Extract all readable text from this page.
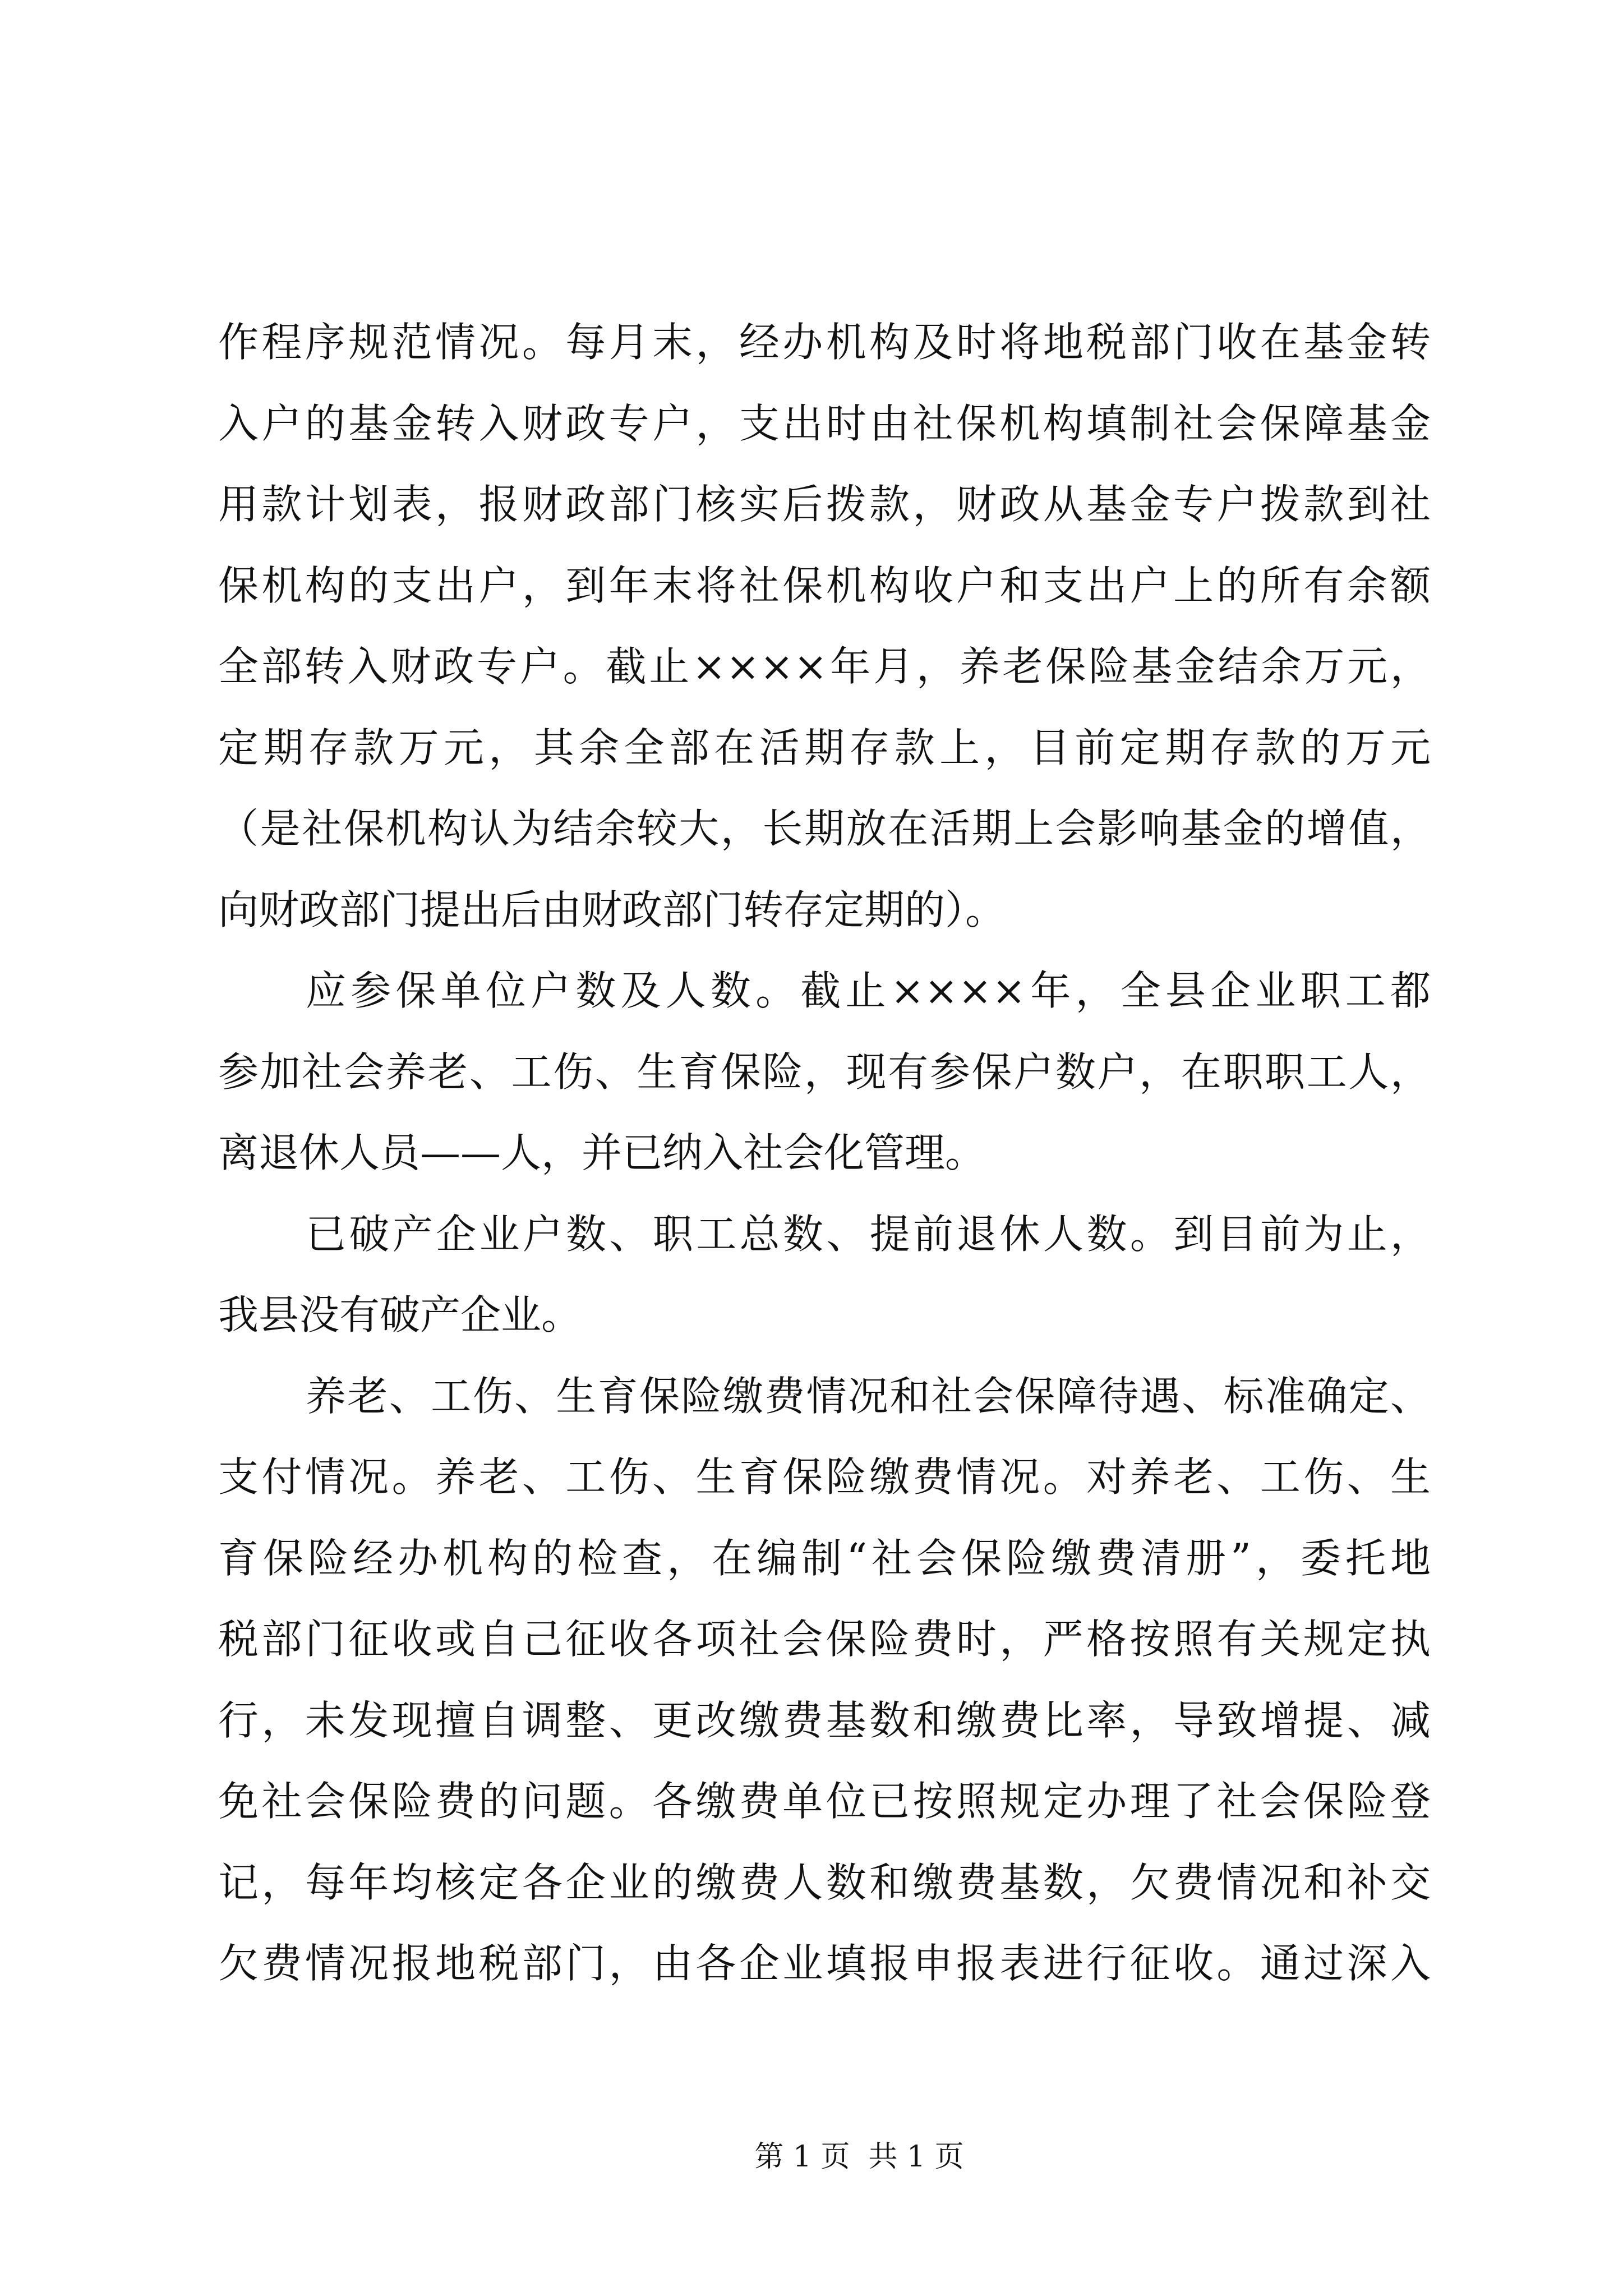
作程序规范情况。每月末，经办机构及时将地税部门收在基金转
入户的基金转入财政专户，支出时由社保机构填制社会保障基金
用款计划表，报财政部门核实后拨款，财政从基金专户拨款到社
保机构的支出户，到年末将社保机构收户和支出户上的所有余额
全部转入财政专户。截止××××年月，养老保险基金结余万元，
定期存款万元，其余全部在活期存款上，目前定期存款的万元
（是社保机构认为结余较大，长期放在活期上会影响基金的增值，
向财政部门提出后由财政部门转存定期的）。
应参保单位户数及人数。截止××××年，全县企业职工都
参加社会养老、工伤、生育保险，现有参保户数户，在职职工人，
离退休人员——人，并已纳入社会化管理。
已破产企业户数、职工总数、提前退休人数。到目前为止，
我县没有破产企业。
养老、工伤、生育保险缴费情况和社会保障待遇、标准确定、
支付情况。养老、工伤、生育保险缴费情况。对养老、工伤、生
育保险经办机构的检查，在编制“社会保险缴费清册”，委托地
税部门征收或自己征收各项社会保险费时，严格按照有关规定执
行，未发现擅自调整、更改缴费基数和缴费比率，导致增提、减
免社会保险费的问题。各缴费单位已按照规定办理了社会保险登
记，每年均核定各企业的缴费人数和缴费基数，欠费情况和补交
欠费情况报地税部门，由各企业填报申报表进行征收。通过深入
第 1 页  共 1 页
